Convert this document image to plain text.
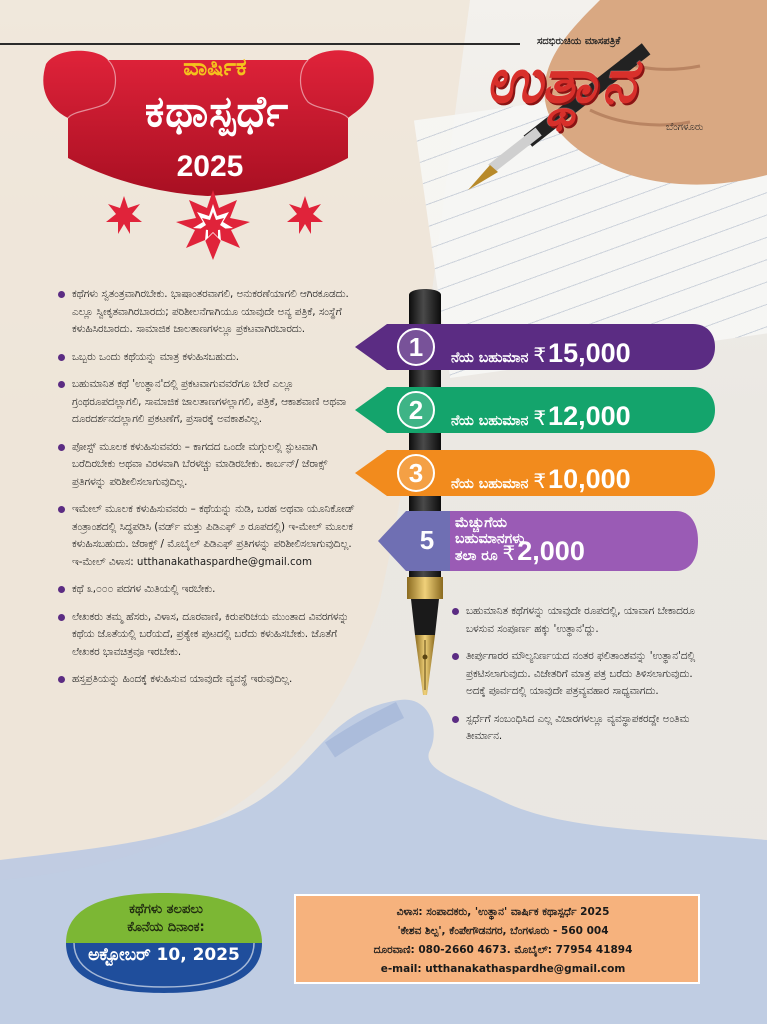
ವಾರ್ಷಿಕ
ಕಥಾಸ್ಪರ್ಧೆ
2025
ಸದಭಿರುಚಿಯ ಮಾಸಪತ್ರಿಕೆ
ಉತ್ಥಾನ
ಬೆಂಗಳೂರು
ಕಥೆಗಳು ಸ್ವತಂತ್ರವಾಗಿರಬೇಕು. ಭಾಷಾಂತರವಾಗಲಿ, ಅನುಕರಣೆಯಾಗಲಿ ಆಗಿರಕೂಡದು. ಎಲ್ಲೂ ಸ್ವೀಕೃತವಾಗಿರಬಾರದು; ಪರಿಶೀಲನೆಗಾಗಿಯೂ ಯಾವುದೇ ಅನ್ಯ ಪತ್ರಿಕೆ, ಸಂಸ್ಥೆಗೆ ಕಳುಹಿಸಿರಬಾರದು. ಸಾಮಾಜಿಕ ಜಾಲತಾಣಗಳಲ್ಲೂ ಪ್ರಕಟವಾಗಿರಬಾರದು.
ಒಬ್ಬರು ಒಂದು ಕಥೆಯನ್ನು ಮಾತ್ರ ಕಳುಹಿಸಬಹುದು.
ಬಹುಮಾನಿತ ಕಥೆ 'ಉತ್ಥಾನ'ದಲ್ಲಿ ಪ್ರಕಟವಾಗುವವರೆಗೂ ಬೇರೆ ಎಲ್ಲೂ ಗ್ರಂಥರೂಪದಲ್ಲಾಗಲಿ, ಸಾಮಾಜಿಕ ಜಾಲತಾಣಗಳಲ್ಲಾಗಲಿ, ಪತ್ರಿಕೆ, ಆಕಾಶವಾಣಿ ಅಥವಾ ದೂರದರ್ಶನದಲ್ಲಾಗಲಿ ಪ್ರಕಟಣೆಗೆ, ಪ್ರಸಾರಕ್ಕೆ ಅವಕಾಶವಿಲ್ಲ.
ಪೋಸ್ಟ್ ಮೂಲಕ ಕಳುಹಿಸುವವರು – ಕಾಗದದ ಒಂದೇ ಮಗ್ಗುಲಲ್ಲಿ ಸ್ಫುಟವಾಗಿ ಬರೆದಿರಬೇಕು ಅಥವಾ ವಿರಳವಾಗಿ ಬೆರಳಚ್ಚು ಮಾಡಿರಬೇಕು. ಕಾರ್ಬನ್/ ಜೆರಾಕ್ಸ್ ಪ್ರತಿಗಳನ್ನು ಪರಿಶೀಲಿಸಲಾಗುವುದಿಲ್ಲ.
ಇಮೇಲ್ ಮೂಲಕ ಕಳುಹಿಸುವವರು – ಕಥೆಯನ್ನು ನುಡಿ, ಬರಹ ಅಥವಾ ಯೂನಿಕೋಡ್ ತಂತ್ರಾಂಶದಲ್ಲಿ ಸಿದ್ಧಪಡಿಸಿ (ವರ್ಡ್ ಮತ್ತು ಪಿಡಿಎಫ್ ೨ ರೂಪದಲ್ಲಿ) ಇ-ಮೇಲ್ ಮೂಲಕ ಕಳುಹಿಸಬಹುದು. ಜೆರಾಕ್ಸ್ / ಮೊಬೈಲ್ ಪಿಡಿಎಫ್ ಪ್ರತಿಗಳನ್ನು ಪರಿಶೀಲಿಸಲಾಗುವುದಿಲ್ಲ. ಇ-ಮೇಲ್ ವಿಳಾಸ: utthanakathaspardhe@gmail.com
ಕಥೆ ೩,೦೦೦ ಪದಗಳ ಮಿತಿಯಲ್ಲಿ ಇರಬೇಕು.
ಲೇಖಕರು ತಮ್ಮ ಹೆಸರು, ವಿಳಾಸ, ದೂರವಾಣಿ, ಕಿರುಪರಿಚಯ ಮುಂತಾದ ವಿವರಗಳನ್ನು ಕಥೆಯ ಜೊತೆಯಲ್ಲಿ ಬರೆಯದೆ, ಪ್ರತ್ಯೇಕ ಪುಟದಲ್ಲಿ ಬರೆದು ಕಳುಹಿಸಬೇಕು. ಜೊತೆಗೆ ಲೇಖಕರ ಭಾವಚಿತ್ರವೂ ಇರಬೇಕು.
ಹಸ್ತಪ್ರತಿಯನ್ನು ಹಿಂದಕ್ಕೆ ಕಳುಹಿಸುವ ಯಾವುದೇ ವ್ಯವಸ್ಥೆ ಇರುವುದಿಲ್ಲ.
1	ನೆಯ ಬಹುಮಾನ ₹15,000
2	ನೆಯ ಬಹುಮಾನ ₹12,000
3	ನೆಯ ಬಹುಮಾನ ₹10,000
5
ಮೆಚ್ಚುಗೆಯ ಬಹುಮಾನಗಳು
ತಲಾ ರೂ ₹2,000
ಬಹುಮಾನಿತ ಕಥೆಗಳನ್ನು ಯಾವುದೇ ರೂಪದಲ್ಲಿ, ಯಾವಾಗ ಬೇಕಾದರೂ ಬಳಸುವ ಸಂಪೂರ್ಣ ಹಕ್ಕು 'ಉತ್ಥಾನ'ದ್ದು.
ತೀರ್ಪುಗಾರರ ಮೌಲ್ಯನಿರ್ಣಯದ ನಂತರ ಫಲಿತಾಂಶವನ್ನು 'ಉತ್ಥಾನ'ದಲ್ಲಿ ಪ್ರಕಟಿಸಲಾಗುವುದು. ವಿಜೇತರಿಗೆ ಮಾತ್ರ ಪತ್ರ ಬರೆದು ತಿಳಿಸಲಾಗುವುದು. ಅದಕ್ಕೆ ಪೂರ್ವದಲ್ಲಿ ಯಾವುದೇ ಪತ್ರವ್ಯವಹಾರ ಸಾಧ್ಯವಾಗದು.
ಸ್ಪರ್ಧೆಗೆ ಸಂಬಂಧಿಸಿದ ಎಲ್ಲ ವಿಚಾರಗಳಲ್ಲೂ ವ್ಯವಸ್ಥಾಪಕರದ್ದೇ ಅಂತಿಮ ತೀರ್ಮಾನ.
ಕಥೆಗಳು ತಲಪಲು
ಕೊನೆಯ ದಿನಾಂಕ:
ಅಕ್ಟೋಬರ್ 10, 2025
ವಿಳಾಸ: ಸಂಪಾದಕರು, 'ಉತ್ಥಾನ' ವಾರ್ಷಿಕ ಕಥಾಸ್ಪರ್ಧೆ 2025
'ಕೇಶವ ಶಿಲ್ಪ', ಕೆಂಪೇಗೌಡನಗರ, ಬೆಂಗಳೂರು - 560 004
ದೂರವಾಣಿ: 080-2660 4673. ಮೊಬೈಲ್: 77954 41894
e-mail: utthanakathaspardhe@gmail.com
